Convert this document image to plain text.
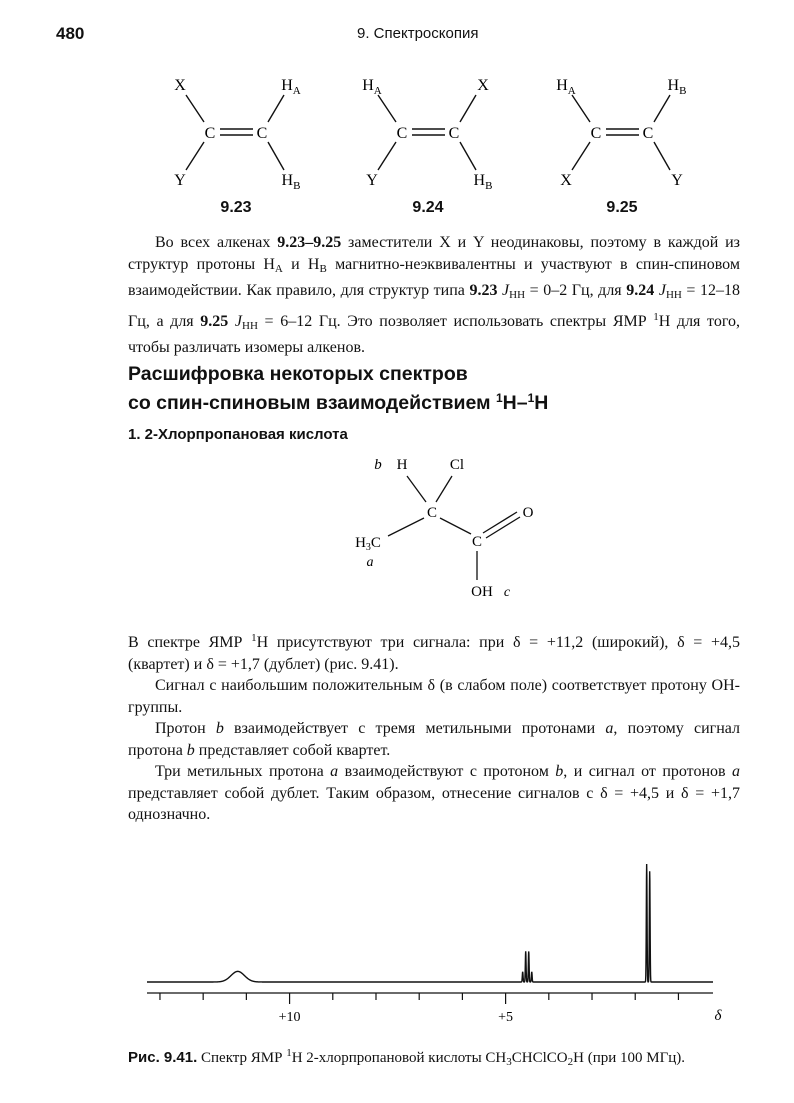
480	9. Спектроскопия
X	$H_A$
C	C
Y	$H_B$
$H_A$	X
C	C
Y	$H_B$
$H_A$	$H_B$
C	C
X	Y
9.23	9.24	9.25

Во всех алкенах 9.23–9.25 заместители X и Y неодинаковы, поэтому в каждой из структур протоны $H_A$ и $H_B$ магнитно-неэквивалентны и участвуют в спин-спиновом взаимодействии. Как правило, для структур типа 9.23 $J_{HH} = 0-2$ Гц, для 9.24 $J_{HH} = 12-18$ Гц, а для 9.25 $J_{HH} = 6-12$ Гц. Это позволяет использовать спектры ЯМР $^1$H для того, чтобы различать изомеры алкенов.

Расшифровка некоторых спектров
со спин-спиновым взаимодействием $^1$H–$^1$H
1. 2-Хлорпропановая кислота
b H	Cl
C	O
$H_3C$	C
a
OH c

В спектре ЯМР $^1$H присутствуют три сигнала: при δ = +11,2 (широкий), δ = +4,5 (квартет) и δ = +1,7 (дублет) (рис. 9.41).

Сигнал с наибольшим положительным δ (в слабом поле) соответствует протону OH-группы.

Протон b взаимодействует с тремя метильными протонами a, поэтому сигнал протона b представляет собой квартет.

Три метильных протона a взаимодействуют с протоном b, и сигнал от протонов a представляет собой дублет. Таким образом, отнесение сигналов с δ = +4,5 и δ = +1,7 однозначно.

+10	+5	δ
Рис. 9.41. Спектр ЯМР $^1$H 2-хлорпропановой кислоты $CH_3CHClCO_2H$ (при 100 МГц).
